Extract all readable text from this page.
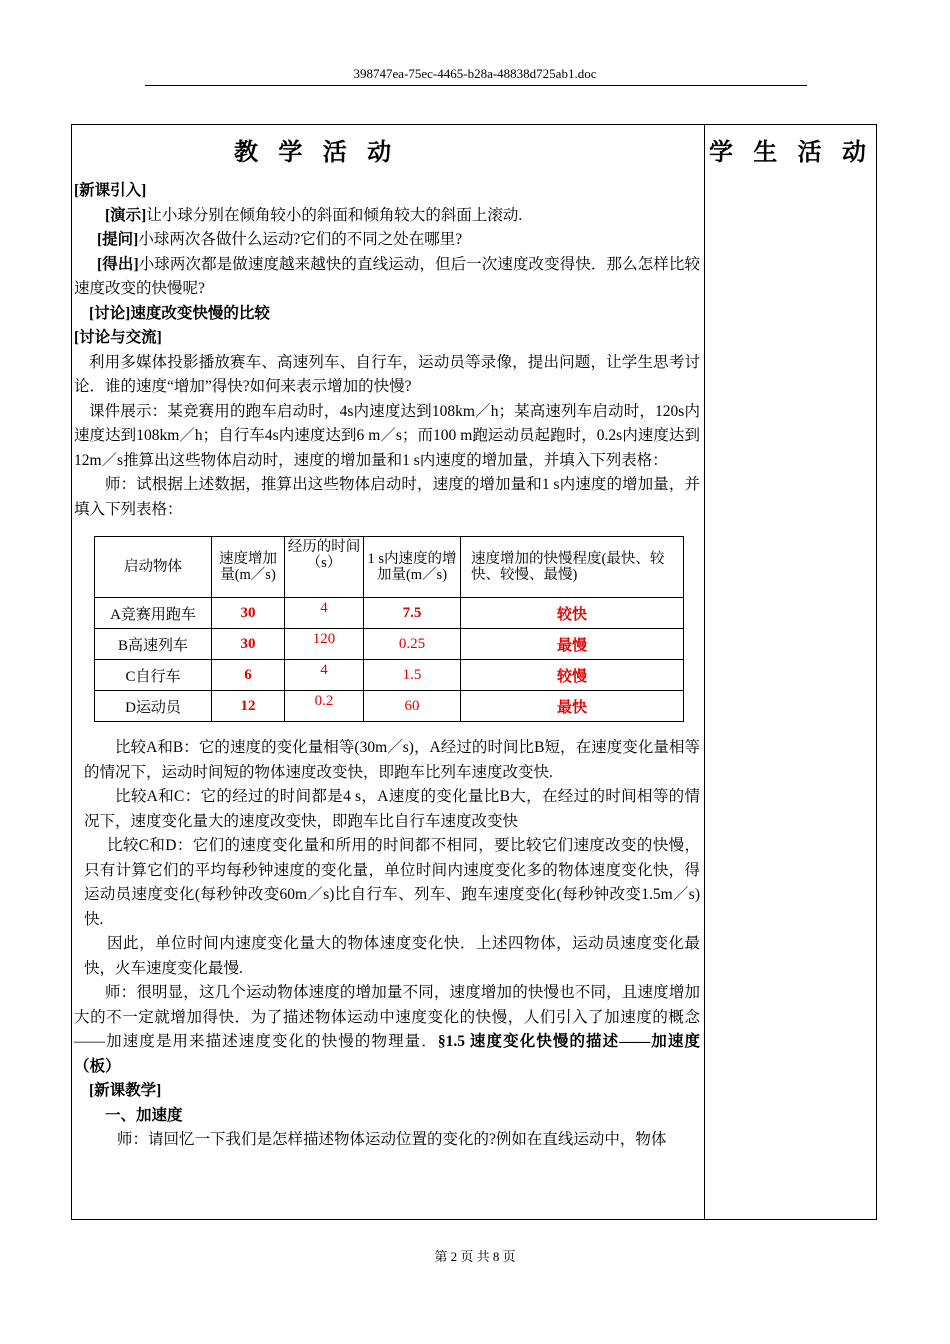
398747ea-75ec-4465-b28a-48838d725ab1.doc
教 学 活 动

[新课引入]

[演示]让小球分别在倾角较小的斜面和倾角较大的斜面上滚动.

[提问]小球两次各做什么运动?它们的不同之处在哪里?

[得出]小球两次都是做速度越来越快的直线运动，但后一次速度改变得快．那么怎样比较速度改变的快慢呢?

[讨论]速度改变快慢的比较

[讨论与交流]

利用多媒体投影播放赛车、高速列车、自行车，运动员等录像，提出问题，让学生思考讨论．谁的速度“增加”得快?如何来表示增加的快慢?

课件展示：某竞赛用的跑车启动时，4s内速度达到108km／h；某高速列车启动时，120s内速度达到108km／h；自行车4s内速度达到6 m／s；而100 m跑运动员起跑时，0.2s内速度达到12m／s推算出这些物体启动时，速度的增加量和1 s内速度的增加量，并填入下列表格：

师：试根据上述数据，推算出这些物体启动时，速度的增加量和1 s内速度的增加量，并填入下列表格：

启动物体	速度增加量(m／s)	经历的时间（s）	1 s内速度的增加量(m／s)	速度增加的快慢程度(最快、较快、较慢、最慢)
A竞赛用跑车	30	4	7.5	较快
B高速列车	30	120	0.25	最慢
C自行车	6	4	1.5	较慢
D运动员	12	0.2	60	最快

比较A和B：它的速度的变化量相等(30m／s)，A经过的时间比B短，在速度变化量相等的情况下，运动时间短的物体速度改变快，即跑车比列车速度改变快.

比较A和C：它的经过的时间都是4 s，A速度的变化量比B大，在经过的时间相等的情况下，速度变化量大的速度改变快，即跑车比自行车速度改变快

比较C和D：它们的速度变化量和所用的时间都不相同，要比较它们速度改变的快慢，只有计算它们的平均每秒钟速度的变化量，单位时间内速度变化多的物体速度变化快，得运动员速度变化(每秒钟改变60m／s)比自行车、列车、跑车速度变化(每秒钟改变1.5m／s)快.

因此，单位时间内速度变化量大的物体速度变化快．上述四物体，运动员速度变化最快，火车速度变化最慢.

师：很明显，这几个运动物体速度的增加量不同，速度增加的快慢也不同，且速度增加大的不一定就增加得快．为了描述物体运动中速度变化的快慢，人们引入了加速度的概念——加速度是用来描述速度变化的快慢的物理量．§1.5 速度变化快慢的描述——加速度（板）

[新课教学]

一、加速度

师：请回忆一下我们是怎样描述物体运动位置的变化的?例如在直线运动中，物体

学 生 活 动
第 2 页 共 8 页
